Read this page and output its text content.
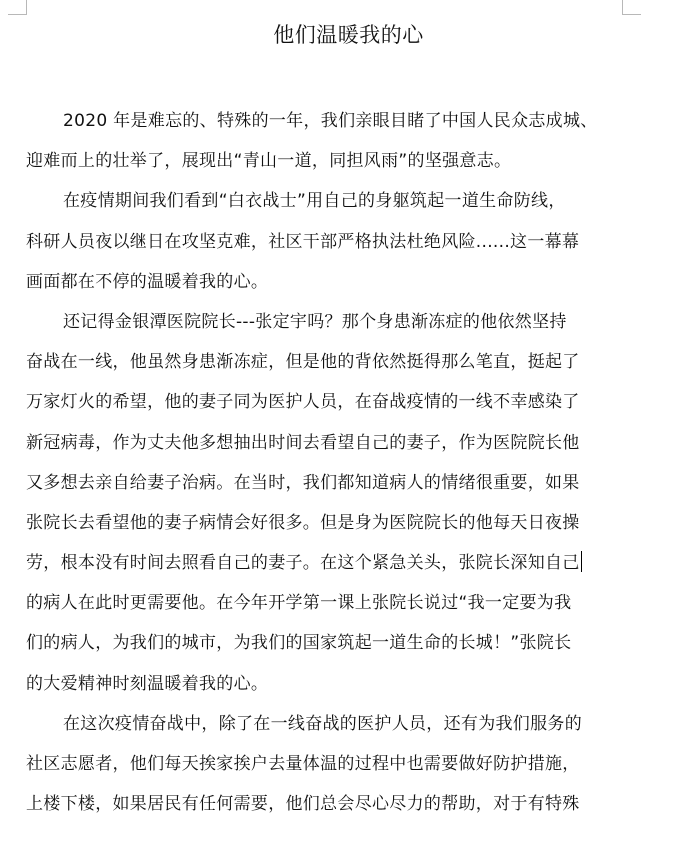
他们温暖我的心

2020 年是难忘的、特殊的一年，我们亲眼目睹了中国人民众志成城、
迎难而上的壮举了，展现出“青山一道，同担风雨”的坚强意志。

在疫情期间我们看到“白衣战士”用自己的身躯筑起一道生命防线，
科研人员夜以继日在攻坚克难，社区干部严格执法杜绝风险......这一幕幕
画面都在不停的温暖着我的心。

还记得金银潭医院院长---张定宇吗？那个身患渐冻症的他依然坚持
奋战在一线，他虽然身患渐冻症，但是他的背依然挺得那么笔直，挺起了
万家灯火的希望，他的妻子同为医护人员，在奋战疫情的一线不幸感染了
新冠病毒，作为丈夫他多想抽出时间去看望自己的妻子，作为医院院长他
又多想去亲自给妻子治病。在当时，我们都知道病人的情绪很重要，如果
张院长去看望他的妻子病情会好很多。但是身为医院院长的他每天日夜操
劳，根本没有时间去照看自己的妻子。在这个紧急关头，张院长深知自己
的病人在此时更需要他。在今年开学第一课上张院长说过“我一定要为我
们的病人，为我们的城市，为我们的国家筑起一道生命的长城！”张院长
的大爱精神时刻温暖着我的心。

在这次疫情奋战中，除了在一线奋战的医护人员，还有为我们服务的
社区志愿者，他们每天挨家挨户去量体温的过程中也需要做好防护措施，
上楼下楼，如果居民有任何需要，他们总会尽心尽力的帮助，对于有特殊
